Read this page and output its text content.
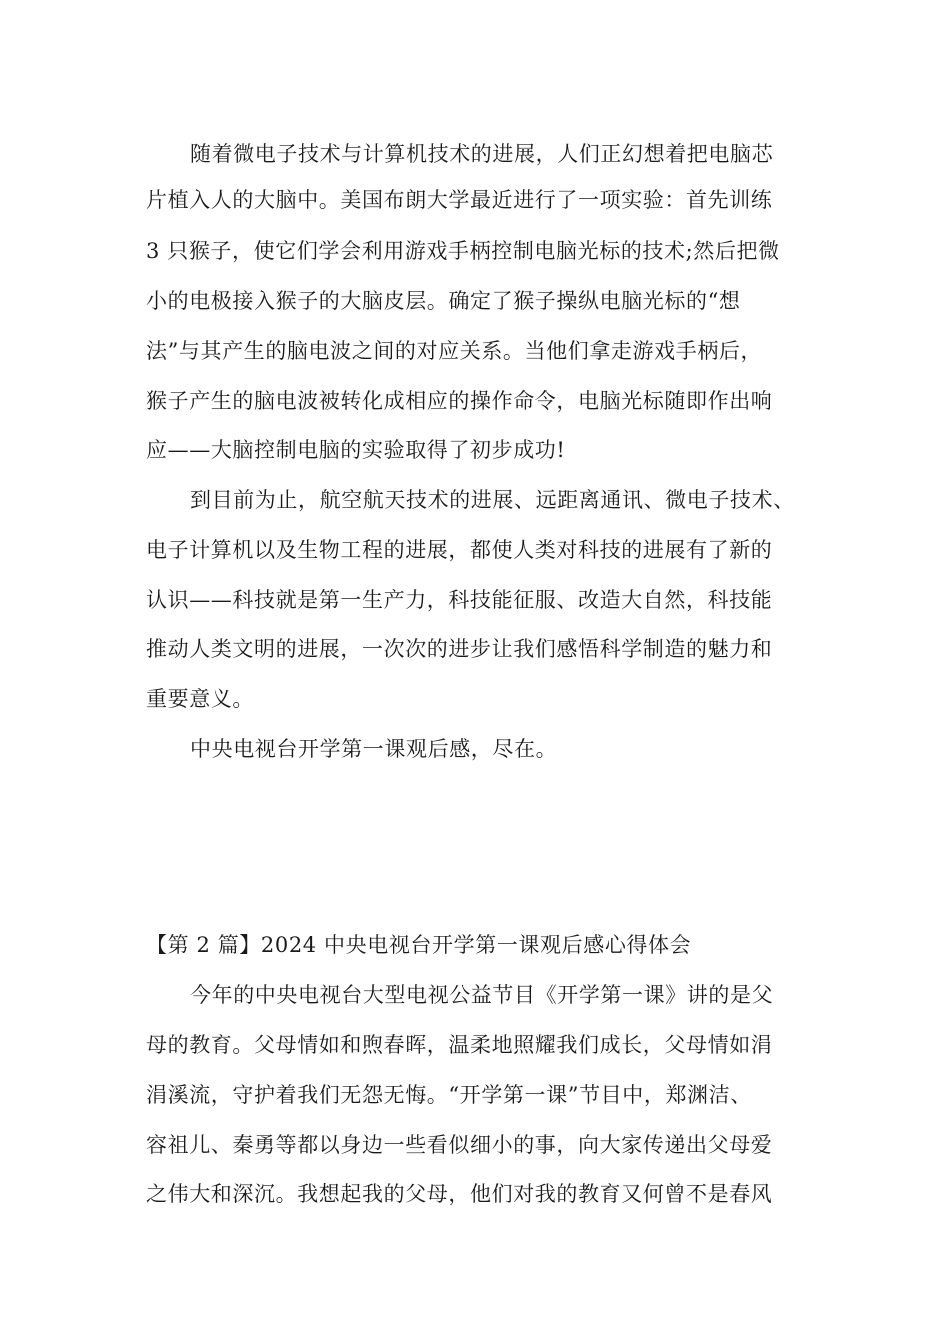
随着微电子技术与计算机技术的进展，人们正幻想着把电脑芯
片植入人的大脑中。美国布朗大学最近进行了一项实验：首先训练
3 只猴子，使它们学会利用游戏手柄控制电脑光标的技术;然后把微
小的电极接入猴子的大脑皮层。确定了猴子操纵电脑光标的“想
法”与其产生的脑电波之间的对应关系。当他们拿走游戏手柄后，
猴子产生的脑电波被转化成相应的操作命令，电脑光标随即作出响
应——大脑控制电脑的实验取得了初步成功!
到目前为止，航空航天技术的进展、远距离通讯、微电子技术、
电子计算机以及生物工程的进展，都使人类对科技的进展有了新的
认识——科技就是第一生产力，科技能征服、改造大自然，科技能
推动人类文明的进展，一次次的进步让我们感悟科学制造的魅力和
重要意义。
中央电视台开学第一课观后感，尽在。
【第 2 篇】2024 中央电视台开学第一课观后感心得体会
今年的中央电视台大型电视公益节目《开学第一课》讲的是父
母的教育。父母情如和煦春晖，温柔地照耀我们成长，父母情如涓
涓溪流，守护着我们无怨无悔。“开学第一课”节目中，郑渊洁、
容祖儿、秦勇等都以身边一些看似细小的事，向大家传递出父母爱
之伟大和深沉。我想起我的父母，他们对我的教育又何曾不是春风
